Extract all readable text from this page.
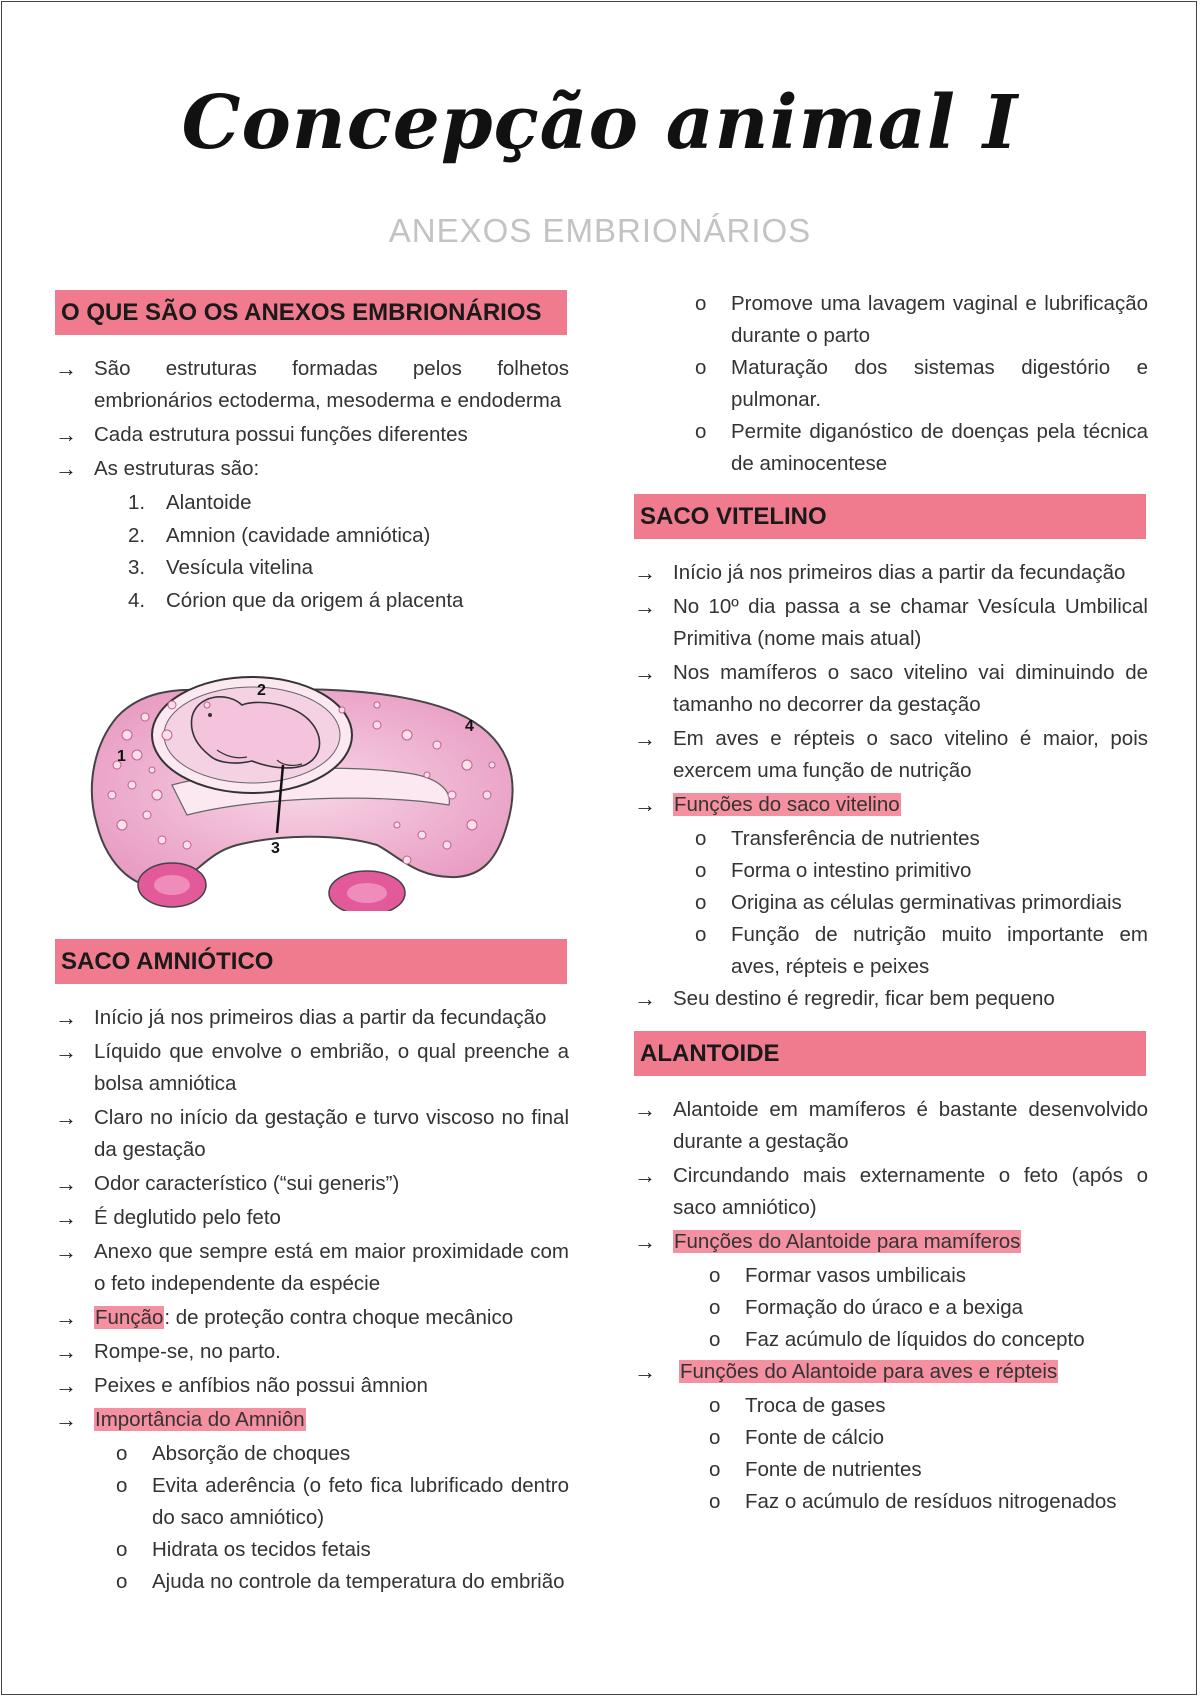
Concepção animal I
ANEXOS EMBRIONÁRIOS
O QUE SÃO OS ANEXOS EMBRIONÁRIOS
→ São estruturas formadas pelos folhetos embrionários ectoderma, mesoderma e endoderma
→ Cada estrutura possui funções diferentes
→ As estruturas são:
1. Alantoide
2. Amnion (cavidade amniótica)
3. Vesícula vitelina
4. Córion que da origem á placenta
1
2
3
4
SACO AMNIÓTICO
→ Início já nos primeiros dias a partir da fecundação
→ Líquido que envolve o embrião, o qual preenche a bolsa amniótica
→ Claro no início da gestação e turvo viscoso no final da gestação
→ Odor característico (“sui generis”)
→ É deglutido pelo feto
→ Anexo que sempre está em maior proximidade com o feto independente da espécie
→ Função: de proteção contra choque mecânico
→ Rompe-se, no parto.
→ Peixes e anfíbios não possui âmnion
→ Importância do Amniôn
o Absorção de choques
o Evita aderência (o feto fica lubrificado dentro do saco amniótico)
o Hidrata os tecidos fetais
o Ajuda no controle da temperatura do embrião
o Promove uma lavagem vaginal e lubrificação durante o parto
o Maturação dos sistemas digestório e pulmonar.
o Permite diganóstico de doenças pela técnica de aminocentese
SACO VITELINO
→ Início já nos primeiros dias a partir da fecundação
→ No 10º dia passa a se chamar Vesícula Umbilical Primitiva (nome mais atual)
→ Nos mamíferos o saco vitelino vai diminuindo de tamanho no decorrer da gestação
→ Em aves e répteis o saco vitelino é maior, pois exercem uma função de nutrição
→ Funções do saco vitelino
o Transferência de nutrientes
o Forma o intestino primitivo
o Origina as células germinativas primordiais
o Função de nutrição muito importante em aves, répteis e peixes
→ Seu destino é regredir, ficar bem pequeno
ALANTOIDE
→ Alantoide em mamíferos é bastante desenvolvido durante a gestação
→ Circundando mais externamente o feto (após o saco amniótico)
→ Funções do Alantoide para mamíferos
o Formar vasos umbilicais
o Formação do úraco e a bexiga
o Faz acúmulo de líquidos do concepto
→ Funções do Alantoide para aves e répteis
o Troca de gases
o Fonte de cálcio
o Fonte de nutrientes
o Faz o acúmulo de resíduos nitrogenados
